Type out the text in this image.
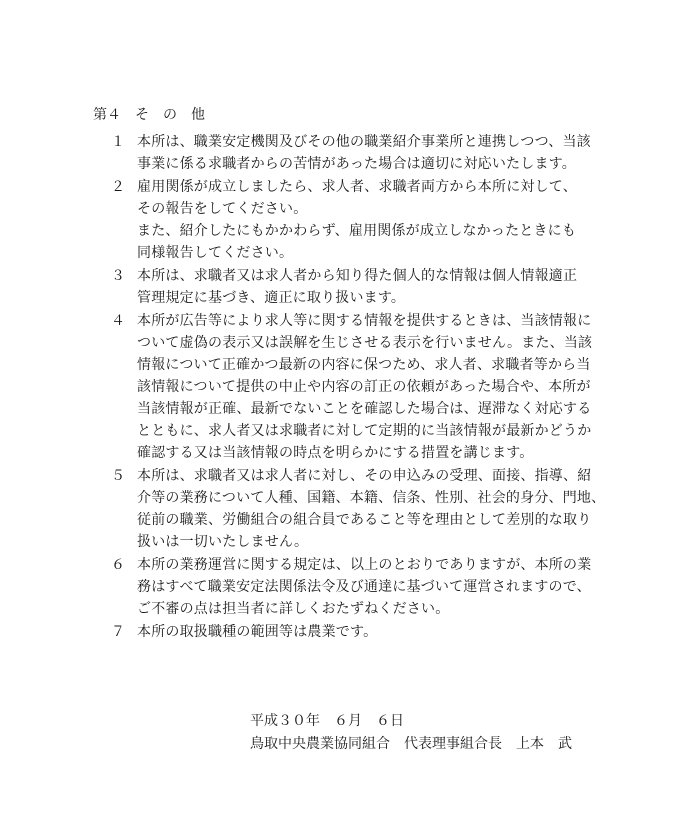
第４　そ　の　他
１ 本所は、職業安定機関及びその他の職業紹介事業所と連携しつつ、当該
事業に係る求職者からの苦情があった場合は適切に対応いたします。
２ 雇用関係が成立しましたら、求人者、求職者両方から本所に対して、
その報告をしてください。
また、紹介したにもかかわらず、雇用関係が成立しなかったときにも
同様報告してください。
３ 本所は、求職者又は求人者から知り得た個人的な情報は個人情報適正
管理規定に基づき、適正に取り扱います。
４ 本所が広告等により求人等に関する情報を提供するときは、当該情報に
ついて虚偽の表示又は誤解を生じさせる表示を行いません。また、当該
情報について正確かつ最新の内容に保つため、求人者、求職者等から当
該情報について提供の中止や内容の訂正の依頼があった場合や、本所が
当該情報が正確、最新でないことを確認した場合は、遅滞なく対応する
とともに、求人者又は求職者に対して定期的に当該情報が最新かどうか
確認する又は当該情報の時点を明らかにする措置を講じます。
５ 本所は、求職者又は求人者に対し、その申込みの受理、面接、指導、紹
介等の業務について人種、国籍、本籍、信条、性別、社会的身分、門地、
従前の職業、労働組合の組合員であること等を理由として差別的な取り
扱いは一切いたしません。
６ 本所の業務運営に関する規定は、以上のとおりでありますが、本所の業
務はすべて職業安定法関係法令及び通達に基づいて運営されますので、
ご不審の点は担当者に詳しくおたずねください。
７ 本所の取扱職種の範囲等は農業です。
平成３０年　６月　６日
鳥取中央農業協同組合　代表理事組合長　上本　武
